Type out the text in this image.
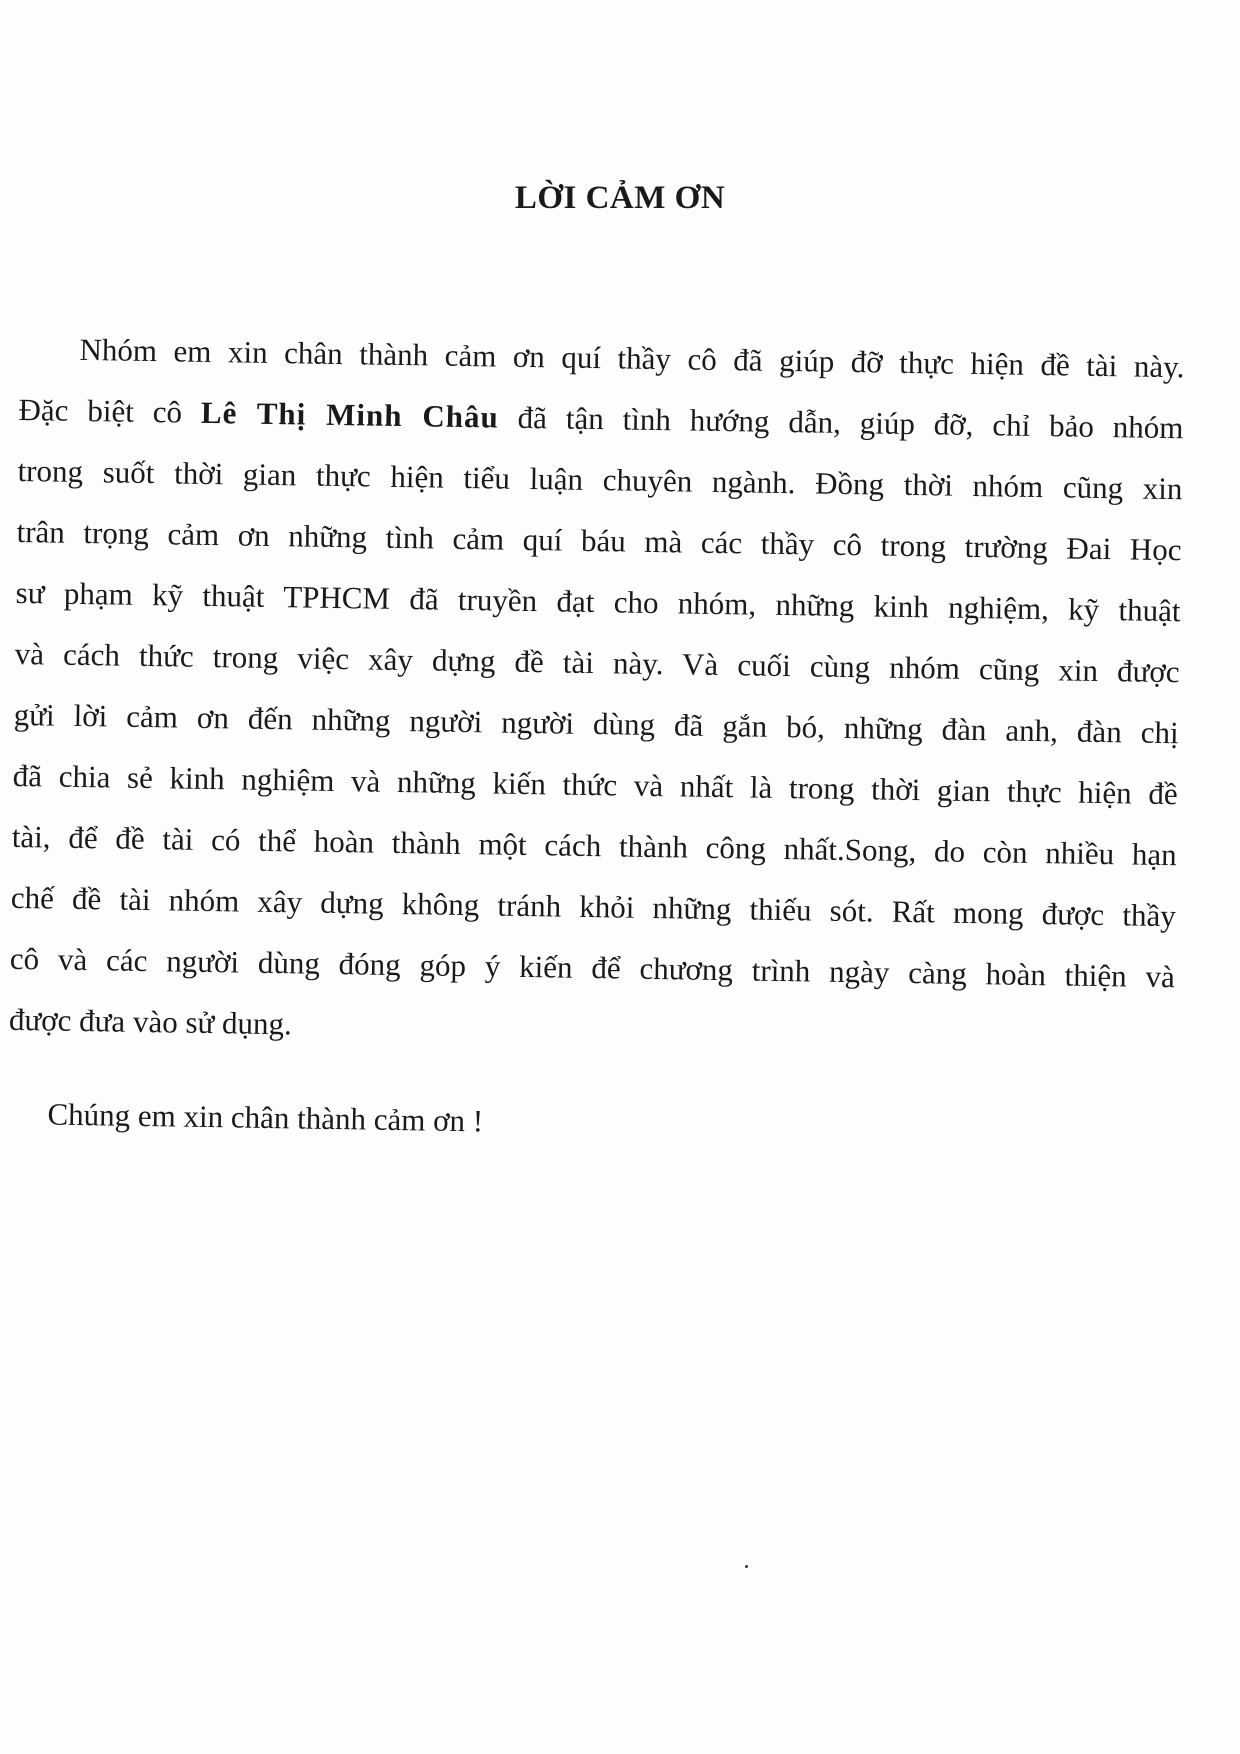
LỜI CẢM ƠN
Nhóm em xin chân thành cảm ơn quí thầy cô đã giúp đỡ thực hiện đề tài này.
Đặc biệt cô Lê Thị Minh Châu đã tận tình hướng dẫn, giúp đỡ, chỉ bảo nhóm
trong suốt thời gian thực hiện tiểu luận chuyên ngành. Đồng thời nhóm cũng xin
trân trọng cảm ơn những tình cảm quí báu mà các thầy cô trong trường Đai Học
sư phạm kỹ thuật TPHCM đã truyền đạt cho nhóm, những kinh nghiệm, kỹ thuật
và cách thức trong việc xây dựng đề tài này. Và cuối cùng nhóm cũng xin được
gửi lời cảm ơn đến những người người dùng đã gắn bó, những đàn anh, đàn chị
đã chia sẻ kinh nghiệm và những kiến thức và nhất là trong thời gian thực hiện đề
tài, để đề tài có thể hoàn thành một cách thành công nhất.Song, do còn nhiều hạn
chế đề tài nhóm xây dựng không tránh khỏi những thiếu sót. Rất mong được thầy
cô và các người dùng đóng góp ý kiến để chương trình ngày càng hoàn thiện và
được đưa vào sử dụng.
Chúng em xin chân thành cảm ơn !
